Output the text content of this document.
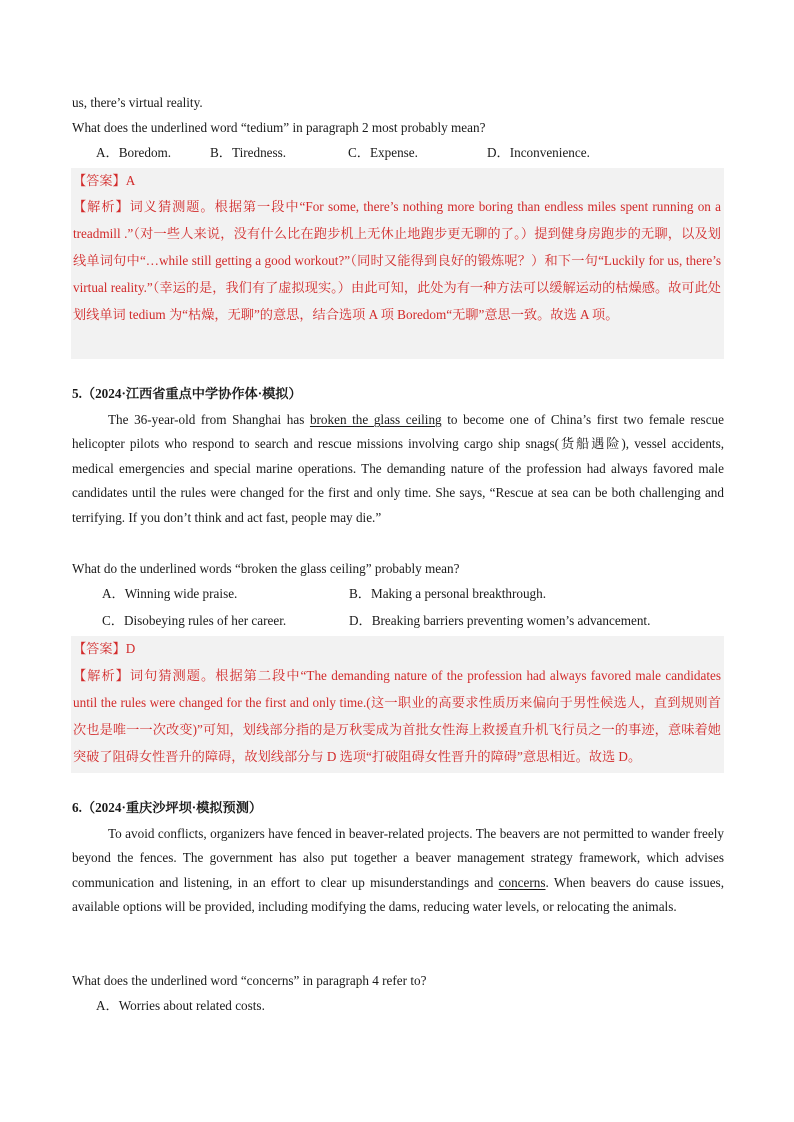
us, there’s virtual reality.
What does the underlined word “tedium” in paragraph 2 most probably mean?
A．Boredom.	B．Tiredness.	C．Expense.	D．Inconvenience.
【答案】A
【解析】词义猜测题。根据第一段中“For some, there’s nothing more boring than endless miles spent running on a treadmill .”（对一些人来说，没有什么比在跑步机上无休止地跑步更无聊的了。）提到健身房跑步的无聊，以及划线单词句中“…while still getting a good workout?”（同时又能得到良好的锻炼呢？）和下一句“Luckily for us, there’s virtual reality.”（幸运的是，我们有了虚拟现实。）由此可知，此处为有一种方法可以缓解运动的枯燥感。故可此处划线单词 tedium 为“枯燥，无聊”的意思，结合选项 A 项 Boredom“无聊”意思一致。故选 A 项。
5.（2024·江西省重点中学协作体·模拟）
The 36-year-old from Shanghai has broken the glass ceiling to become one of China’s first two female rescue helicopter pilots who respond to search and rescue missions involving cargo ship snags(货船遇险), vessel accidents, medical emergencies and special marine operations. The demanding nature of the profession had always favored male candidates until the rules were changed for the first and only time. She says, “Rescue at sea can be both challenging and terrifying. If you don’t think and act fast, people may die.”
What do the underlined words “broken the glass ceiling” probably mean?
A．Winning wide praise.	B．Making a personal breakthrough.
C．Disobeying rules of her career.	D．Breaking barriers preventing women’s advancement.
【答案】D
【解析】词句猜测题。根据第二段中“The demanding nature of the profession had always favored male candidates until the rules were changed for the first and only time.(这一职业的高要求性质历来偏向于男性候选人，直到规则首次也是唯一一次改变)”可知，划线部分指的是万秋雯成为首批女性海上救援直升机飞行员之一的事迹，意味着她突破了阻碍女性晋升的障碍，故划线部分与 D 选项“打破阻碍女性晋升的障碍”意思相近。故选 D。
6.（2024·重庆沙坪坝·模拟预测）
To avoid conflicts, organizers have fenced in beaver-related projects. The beavers are not permitted to wander freely beyond the fences. The government has also put together a beaver management strategy framework, which advises communication and listening, in an effort to clear up misunderstandings and concerns. When beavers do cause issues, available options will be provided, including modifying the dams, reducing water levels, or relocating the animals.
What does the underlined word “concerns” in paragraph 4 refer to?
A．Worries about related costs.
